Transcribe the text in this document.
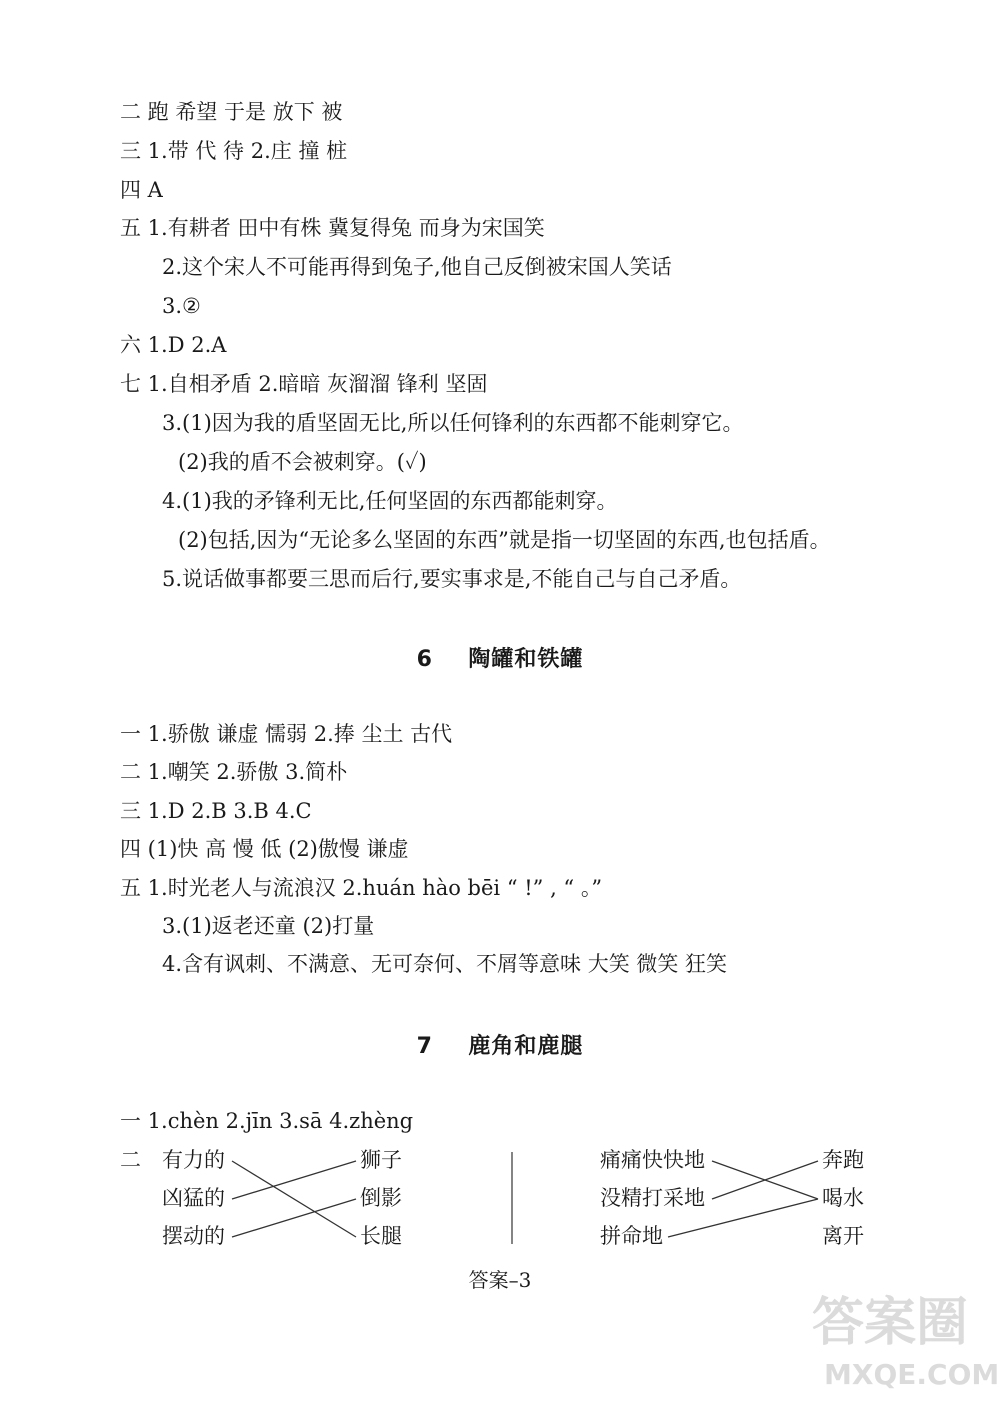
二 跑 希望 于是 放下 被
三 1.带 代 待 2.庄 撞 桩
四 A
五 1.有耕者 田中有株 冀复得兔 而身为宋国笑
2.这个宋人不可能再得到兔子,他自己反倒被宋国人笑话
3.②
六 1.D 2.A
七 1.自相矛盾 2.暗暗 灰溜溜 锋利 坚固
3.(1)因为我的盾坚固无比,所以任何锋利的东西都不能刺穿它。
(2)我的盾不会被刺穿。(✓)
4.(1)我的矛锋利无比,任何坚固的东西都能刺穿。
(2)包括,因为“无论多么坚固的东西”就是指一切坚固的东西,也包括盾。
5.说话做事都要三思而后行,要实事求是,不能自己与自己矛盾。
6 陶罐和铁罐
一 1.骄傲 谦虚 懦弱 2.捧 尘土 古代
二 1.嘲笑 2.骄傲 3.简朴
三 1.D 2.B 3.B 4.C
四 (1)快 高 慢 低 (2)傲慢 谦虚
五 1.时光老人与流浪汉 2.huán hào bēi “ !” , “ 。”
3.(1)返老还童 (2)打量
4.含有讽刺、不满意、无可奈何、不屑等意味 大笑 微笑 狂笑
7 鹿角和鹿腿
一 1.chèn 2.jīn 3.sā 4.zhèng
二 有力的
凶猛的
摆动的
狮子
倒影
长腿
痛痛快快地
没精打采地
拼命地
奔跑
喝水
离开
答案–3
答案圈
MXQE.COM
